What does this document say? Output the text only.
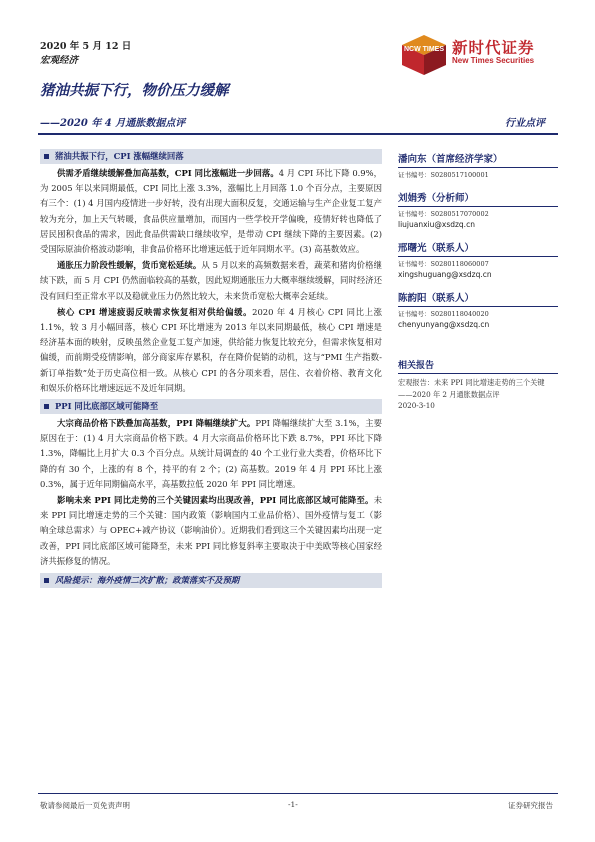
2020 年 5 月 12 日
宏观经济
NCW TIMES 新时代证券
New Times Securities
猪油共振下行，物价压力缓解
——2020 年 4 月通胀数据点评	行业点评
猪油共振下行，CPI 涨幅继续回落

供需矛盾继续缓解叠加高基数，CPI 同比涨幅进一步回落。4 月 CPI 环比下降 0.9%，为 2005 年以来同期最低，CPI 同比上涨 3.3%，涨幅比上月回落 1.0 个百分点，主要原因有三个：(1) 4 月国内疫情进一步好转，没有出现大面积反复，交通运输与生产企业复工复产较为充分，加上天气转暖，食品供应量增加，而国内一些学校开学偏晚，疫情好转也降低了居民囤积食品的需求，因此食品供需缺口继续收窄，是带动 CPI 继续下降的主要因素。(2) 受国际原油价格波动影响，非食品价格环比增速远低于近年同期水平。(3) 高基数效应。

通胀压力阶段性缓解，货币宽松延续。从 5 月以来的高频数据来看，蔬菜和猪肉价格继续下跌，而 5 月 CPI 仍然面临较高的基数，因此短期通胀压力大概率继续缓解，同时经济还没有回归至正常水平以及稳就业压力仍然比较大，未来货币宽松大概率会延续。

核心 CPI 增速疲弱反映需求恢复相对供给偏缓。2020 年 4 月核心 CPI 同比上涨 1.1%，较 3 月小幅回落，核心 CPI 环比增速为 2013 年以来同期最低，核心 CPI 增速是经济基本面的映射，反映虽然企业复工复产加速，供给能力恢复比较充分，但需求恢复相对偏缓，而前期受疫情影响，部分商家库存累积，存在降价促销的动机，这与“PMI 生产指数-新订单指数”处于历史高位相一致。从核心 CPI 的各分项来看，居住、衣着价格、教育文化和娱乐价格环比增速远远不及近年同期。

PPI 同比底部区域可能降至

大宗商品价格下跌叠加高基数，PPI 降幅继续扩大。PPI 降幅继续扩大至 3.1%，主要原因在于：(1) 4 月大宗商品价格下跌。4 月大宗商品价格环比下跌 8.7%，PPI 环比下降 1.3%，降幅比上月扩大 0.3 个百分点。从统计局调查的 40 个工业行业大类看，价格环比下降的有 30 个，上涨的有 8 个，持平的有 2 个；(2) 高基数。2019 年 4 月 PPI 环比上涨 0.3%，属于近年同期偏高水平，高基数拉低 2020 年 PPI 同比增速。

影响未来 PPI 同比走势的三个关键因素均出现改善，PPI 同比底部区域可能降至。未来 PPI 同比增速走势的三个关键：国内政策（影响国内工业品价格）、国外疫情与复工（影响全球总需求）与 OPEC+减产协议（影响油价）。近期我们看到这三个关键因素均出现一定改善，PPI 同比底部区域可能降至，未来 PPI 同比修复斜率主要取决于中美欧等核心国家经济共振修复的情况。

风险提示：海外疫情二次扩散；政策落实不及预期
潘向东（首席经济学家）
证书编号：S0280517100001
刘娟秀（分析师）
证书编号：S0280517070002
liujuanxiu@xsdzq.cn
邢曙光（联系人）
证书编号：S0280118060007
xingshuguang@xsdzq.cn
陈韵阳（联系人）
证书编号：S0280118040020
chenyunyang@xsdzq.cn
相关报告
宏观报告：未来 PPI 同比增速走势的三个关键——2020 年 2 月通胀数据点评
2020-3-10
敬请参阅最后一页免责声明	-1-	证券研究报告
